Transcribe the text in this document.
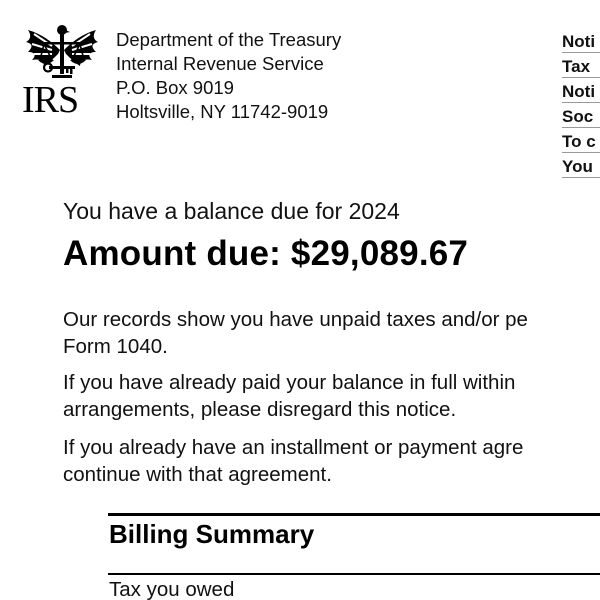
IRS
Department of the Treasury
Internal Revenue Service
P.O. Box 9019
Holtsville, NY 11742-9019
Noti
Tax
Noti
Soc
To c
You
You have a balance due for 2024
Amount due: $29,089.67
Our records show you have unpaid taxes and/or pe
Form 1040.
If you have already paid your balance in full within
arrangements, please disregard this notice.
If you already have an installment or payment agre
continue with that agreement.
Billing Summary
Tax you owed
